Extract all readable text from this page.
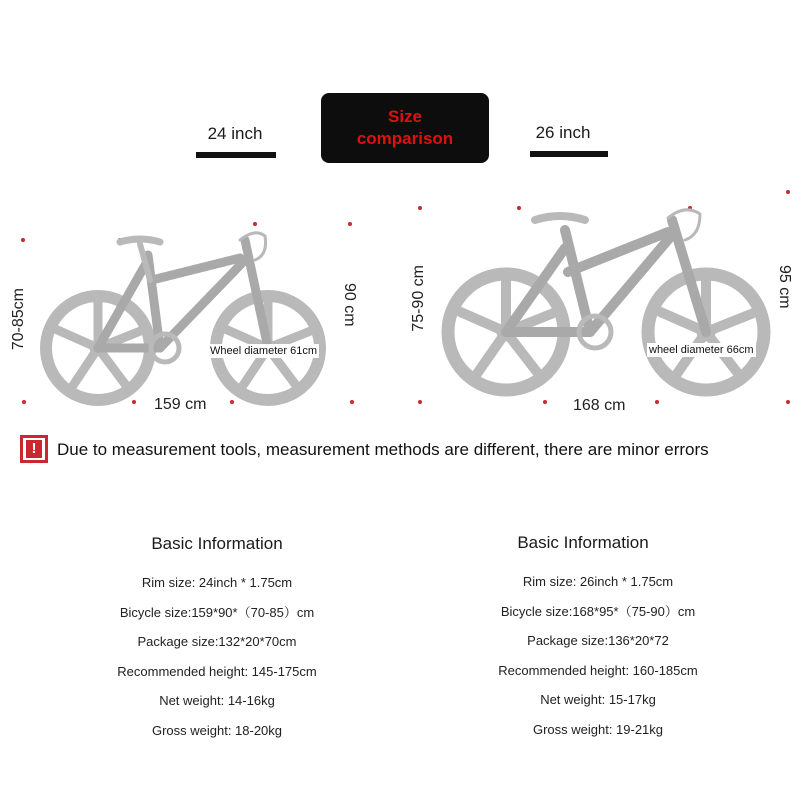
24 inch
Size
comparison	26 inch
159 cm
90 cm
70-85cm
Wheel diameter 61cm
168 cm
95 cm
75-90 cm
wheel diameter 66cm
!	Due to measurement tools, measurement methods are different, there are minor errors
Basic Information
Rim size: 24inch * 1.75cm
Bicycle size:159*90*（70-85）cm
Package size:132*20*70cm
Recommended height: 145-175cm
Net weight: 14-16kg
Gross weight: 18-20kg
Basic Information
Rim size: 26inch * 1.75cm
Bicycle size:168*95*（75-90）cm
Package size:136*20*72
Recommended height: 160-185cm
Net weight: 15-17kg
Gross weight: 19-21kg
